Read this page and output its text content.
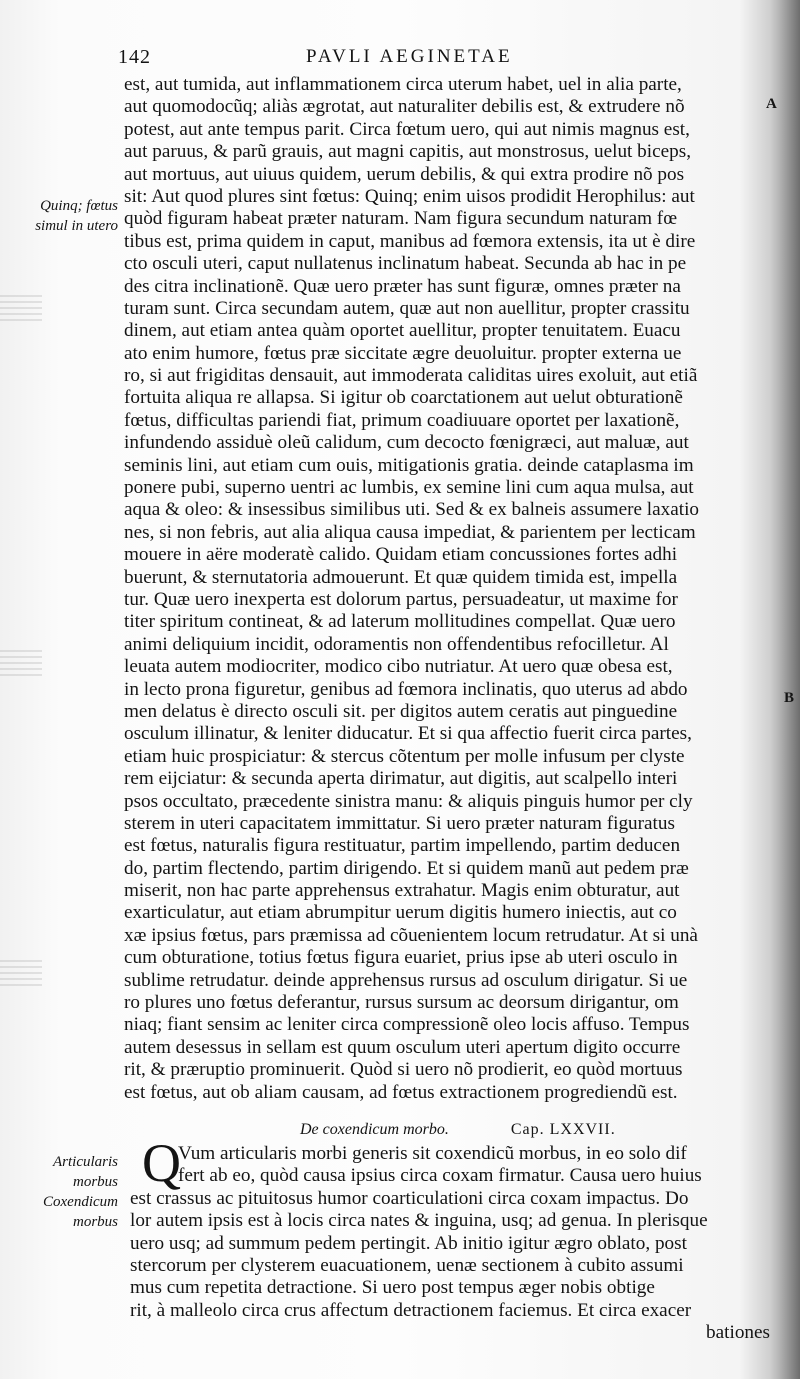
142	PAVLI AEGINETAE
A
B
Quinq; fœtus
simul in utero
Articularis
morbus
Coxendicum
morbus
est, aut tumida, aut inflammationem circa uterum habet, uel in alia parte,
aut quomodocũq; aliàs ægrotat, aut naturaliter debilis est, & extrudere nõ
potest, aut ante tempus parit. Circa fœtum uero, qui aut nimis magnus est,
aut paruus, & parũ grauis, aut magni capitis, aut monstrosus, uelut biceps,
aut mortuus, aut uiuus quidem, uerum debilis, & qui extra prodire nõ pos
sit: Aut quod plures sint fœtus: Quinq; enim uisos prodidit Herophilus: aut
quòd figuram habeat præter naturam. Nam figura secundum naturam fœ
tibus est, prima quidem in caput, manibus ad fœmora extensis, ita ut è dire
cto osculi uteri, caput nullatenus inclinatum habeat. Secunda ab hac in pe
des citra inclinationẽ. Quæ uero præter has sunt figuræ, omnes præter na
turam sunt. Circa secundam autem, quæ aut non auellitur, propter crassitu
dinem, aut etiam antea quàm oportet auellitur, propter tenuitatem. Euacu
ato enim humore, fœtus præ siccitate ægre deuoluitur. propter externa ue
ro, si aut frigiditas densauit, aut immoderata caliditas uires exoluit, aut etiã
fortuita aliqua re allapsa. Si igitur ob coarctationem aut uelut obturationẽ
fœtus, difficultas pariendi fiat, primum coadiuuare oportet per laxationẽ,
infundendo assiduè oleũ calidum, cum decocto fœnigræci, aut maluæ, aut
seminis lini, aut etiam cum ouis, mitigationis gratia. deinde cataplasma im
ponere pubi, superno uentri ac lumbis, ex semine lini cum aqua mulsa, aut
aqua & oleo: & insessibus similibus uti. Sed & ex balneis assumere laxatio
nes, si non febris, aut alia aliqua causa impediat, & parientem per lecticam
mouere in aëre moderatè calido. Quidam etiam concussiones fortes adhi
buerunt, & sternutatoria admouerunt. Et quæ quidem timida est, impella
tur. Quæ uero inexperta est dolorum partus, persuadeatur, ut maxime for
titer spiritum contineat, & ad laterum mollitudines compellat. Quæ uero
animi deliquium incidit, odoramentis non offendentibus refocilletur. Al
leuata autem modiocriter, modico cibo nutriatur. At uero quæ obesa est,
in lecto prona figuretur, genibus ad fœmora inclinatis, quo uterus ad abdo
men delatus è directo osculi sit. per digitos autem ceratis aut pinguedine
osculum illinatur, & leniter diducatur. Et si qua affectio fuerit circa partes,
etiam huic prospiciatur: & stercus cõtentum per molle infusum per clyste
rem eijciatur: & secunda aperta dirimatur, aut digitis, aut scalpello interi
psos occultato, præcedente sinistra manu: & aliquis pinguis humor per cly
sterem in uteri capacitatem immittatur. Si uero præter naturam figuratus
est fœtus, naturalis figura restituatur, partim impellendo, partim deducen
do, partim flectendo, partim dirigendo. Et si quidem manũ aut pedem præ
miserit, non hac parte apprehensus extrahatur. Magis enim obturatur, aut
exarticulatur, aut etiam abrumpitur uerum digitis humero iniectis, aut co
xæ ipsius fœtus, pars præmissa ad cõuenientem locum retrudatur. At si unà
cum obturatione, totius fœtus figura euariet, prius ipse ab uteri osculo in
sublime retrudatur. deinde apprehensus rursus ad osculum dirigatur. Si ue
ro plures uno fœtus deferantur, rursus sursum ac deorsum dirigantur, om
niaq; fiant sensim ac leniter circa compressionẽ oleo locis affuso. Tempus
autem desessus in sellam est quum osculum uteri apertum digito occurre
rit, & præruptio prominuerit. Quòd si uero nõ prodierit, eo quòd mortuus
est fœtus, aut ob aliam causam, ad fœtus extractionem progrediendũ est.
De coxendicum morbo.	Cap. LXXVII.
Q
Vum articularis morbi generis sit coxendicũ morbus, in eo solo dif
fert ab eo, quòd causa ipsius circa coxam firmatur. Causa uero huius
est crassus ac pituitosus humor coarticulationi circa coxam impactus. Do
lor autem ipsis est à locis circa nates & inguina, usq; ad genua. In plerisque
uero usq; ad summum pedem pertingit. Ab initio igitur ægro oblato, post
stercorum per clysterem euacuationem, uenæ sectionem à cubito assumi
mus cum repetita detractione. Si uero post tempus æger nobis obtige
rit, à malleolo circa crus affectum detractionem faciemus. Et circa exacer
bationes
